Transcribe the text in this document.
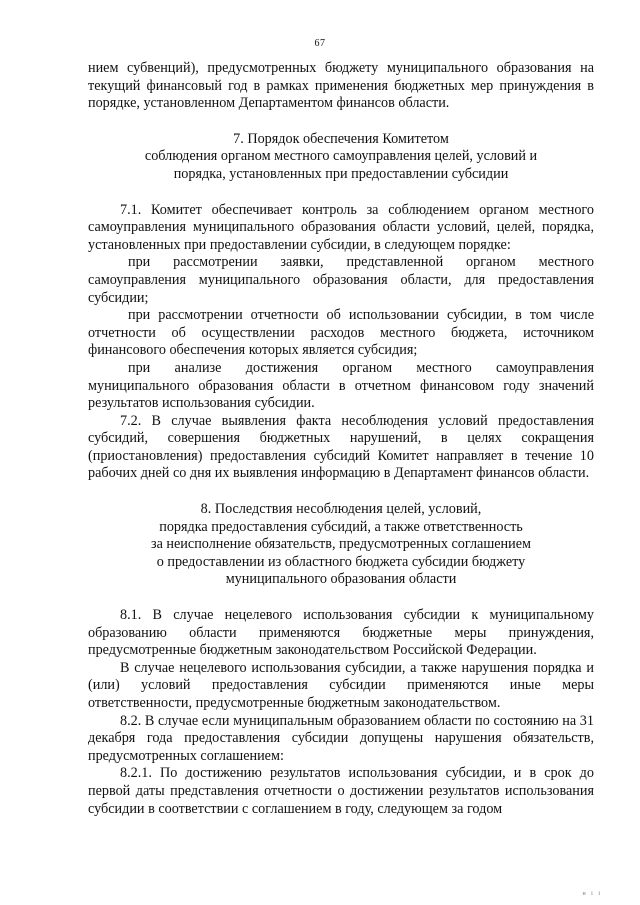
67

нием субвенций), предусмотренных бюджету муниципального образования на текущий финансовый год в рамках применения бюджетных мер принуждения в порядке, установленном Департаментом финансов области.

7. Порядок обеспечения Комитетом

соблюдения органом местного самоуправления целей, условий и

порядка, установленных при предоставлении субсидии

7.1. Комитет обеспечивает контроль за соблюдением органом местного самоуправления муниципального образования области условий, целей, порядка, установленных при предоставлении субсидии, в следующем порядке:

при рассмотрении заявки, представленной органом местного самоуправления муниципального образования области, для предоставления субсидии;

при рассмотрении отчетности об использовании субсидии, в том числе отчетности об осуществлении расходов местного бюджета, источником финансового обеспечения которых является субсидия;

при анализе достижения органом местного самоуправления муниципального образования области в отчетном финансовом году значений результатов использования субсидии.

7.2. В случае выявления факта несоблюдения условий предоставления субсидий, совершения бюджетных нарушений, в целях сокращения (приостановления) предоставления субсидий Комитет направляет в течение 10 рабочих дней со дня их выявления информацию в Департамент финансов области.

8. Последствия несоблюдения целей, условий,

порядка предоставления субсидий, а также ответственность

за неисполнение обязательств, предусмотренных соглашением

о предоставлении из областного бюджета субсидии бюджету

муниципального образования области

8.1. В случае нецелевого использования субсидии к муниципальному образованию области применяются бюджетные меры принуждения, предусмотренные бюджетным законодательством Российской Федерации.

В случае нецелевого использования субсидии, а также нарушения порядка и (или) условий предоставления субсидии применяются иные меры ответственности, предусмотренные бюджетным законодательством.

8.2. В случае если муниципальным образованием области по состоянию на 31 декабря года предоставления субсидии допущены нарушения обязательств, предусмотренных соглашением:

8.2.1. По достижению результатов использования субсидии, и в срок до первой даты представления отчетности о достижении результатов использования субсидии в соответствии с соглашением в году, следующем за годом

н і і
